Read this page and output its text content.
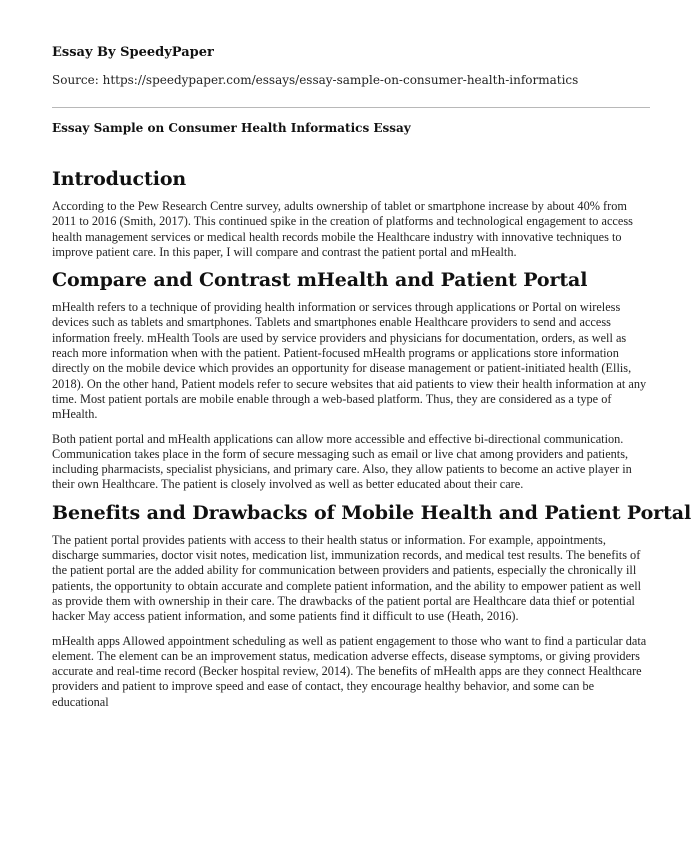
Essay By SpeedyPaper
Source: https://speedypaper.com/essays/essay-sample-on-consumer-health-informatics
Essay Sample on Consumer Health Informatics Essay
Introduction

According to the Pew Research Centre survey, adults ownership of tablet or smartphone increase by about 40% from 2011 to 2016 (Smith, 2017). This continued spike in the creation of platforms and technological engagement to access health management services or medical health records mobile the Healthcare industry with innovative techniques to improve patient care. In this paper, I will compare and contrast the patient portal and mHealth.

Compare and Contrast mHealth and Patient Portal

mHealth refers to a technique of providing health information or services through applications or Portal on wireless devices such as tablets and smartphones. Tablets and smartphones enable Healthcare providers to send and access information freely. mHealth Tools are used by service providers and physicians for documentation, orders, as well as reach more information when with the patient. Patient-focused mHealth programs or applications store information directly on the mobile device which provides an opportunity for disease management or patient-initiated health (Ellis, 2018). On the other hand, Patient models refer to secure websites that aid patients to view their health information at any time. Most patient portals are mobile enable through a web-based platform. Thus, they are considered as a type of mHealth.

Both patient portal and mHealth applications can allow more accessible and effective bi-directional communication. Communication takes place in the form of secure messaging such as email or live chat among providers and patients, including pharmacists, specialist physicians, and primary care. Also, they allow patients to become an active player in their own Healthcare. The patient is closely involved as well as better educated about their care.

Benefits and Drawbacks of Mobile Health and Patient Portal

The patient portal provides patients with access to their health status or information. For example, appointments, discharge summaries, doctor visit notes, medication list, immunization records, and medical test results. The benefits of the patient portal are the added ability for communication between providers and patients, especially the chronically ill patients, the opportunity to obtain accurate and complete patient information, and the ability to empower patient as well as provide them with ownership in their care. The drawbacks of the patient portal are Healthcare data thief or potential hacker May access patient information, and some patients find it difficult to use (Heath, 2016).

mHealth apps Allowed appointment scheduling as well as patient engagement to those who want to find a particular data element. The element can be an improvement status, medication adverse effects, disease symptoms, or giving providers accurate and real-time record (Becker hospital review, 2014). The benefits of mHealth apps are they connect Healthcare providers and patient to improve speed and ease of contact, they encourage healthy behavior, and some can be educational
